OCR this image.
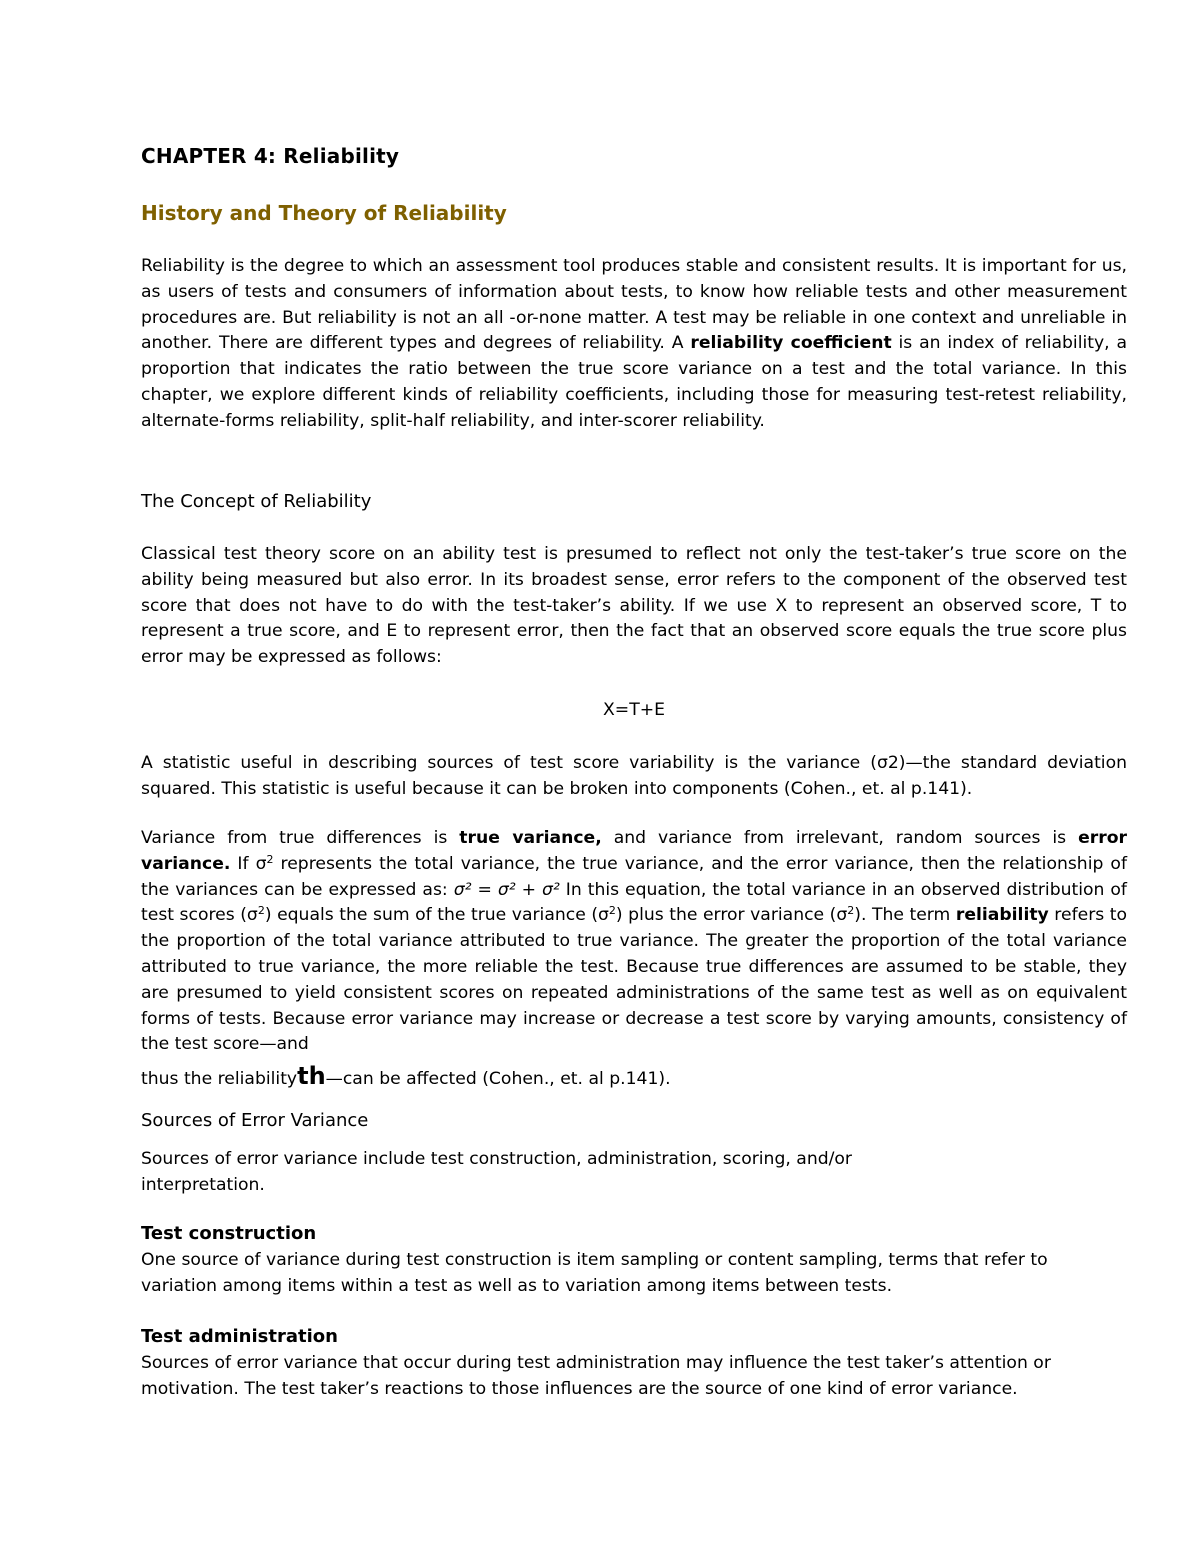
CHAPTER 4: Reliability
History and Theory of Reliability
Reliability is the degree to which an assessment tool produces stable and consistent results. It is important for us, as users of tests and consumers of information about tests, to know how reliable tests and other measurement procedures are. But reliability is not an all -or-none matter. A test may be reliable in one context and unreliable in another. There are different types and degrees of reliability. A reliability coefficient is an index of reliability, a proportion that indicates the ratio between the true score variance on a test and the total variance. In this chapter, we explore different kinds of reliability coefficients, including those for measuring test-retest reliability, alternate-forms reliability, split-half reliability, and inter-scorer reliability.
The Concept of Reliability
Classical test theory score on an ability test is presumed to reflect not only the test-taker’s true score on the ability being measured but also error. In its broadest sense, error refers to the component of the observed test score that does not have to do with the test-taker’s ability. If we use X to represent an observed score, T to represent a true score, and E to represent error, then the fact that an observed score equals the true score plus error may be expressed as follows:
X=T+E
A statistic useful in describing sources of test score variability is the variance (σ2)—the standard deviation squared. This statistic is useful because it can be broken into components (Cohen., et. al p.141).
Variance from true differences is true variance, and variance from irrelevant, random sources is error variance. If $\sigma^2$ represents the total variance, the true variance, and the error variance, then the relationship of the variances can be expressed as: σ² = σ² + σ² In this equation, the total variance in an observed distribution of test scores $(\sigma^2)$ equals the sum of the true variance $(\sigma^2)$ plus the error variance $(\sigma^2)$. The term reliability refers to the proportion of the total variance attributed to true variance. The greater the proportion of the total variance attributed to true variance, the more reliable the test. Because true differences are assumed to be stable, they are presumed to yield consistent scores on repeated administrations of the same test as well as on equivalent forms of tests. Because error variance may increase or decrease a test score by varying amounts, consistency of the test score—and
thus the reliabilityth—can be affected (Cohen., et. al p.141).
Sources of Error Variance
Sources of error variance include test construction, administration, scoring, and/or interpretation.
Test construction
One source of variance during test construction is item sampling or content sampling, terms that refer to variation among items within a test as well as to variation among items between tests.
Test administration
Sources of error variance that occur during test administration may influence the test taker’s attention or motivation. The test taker’s reactions to those influences are the source of one kind of error variance.
